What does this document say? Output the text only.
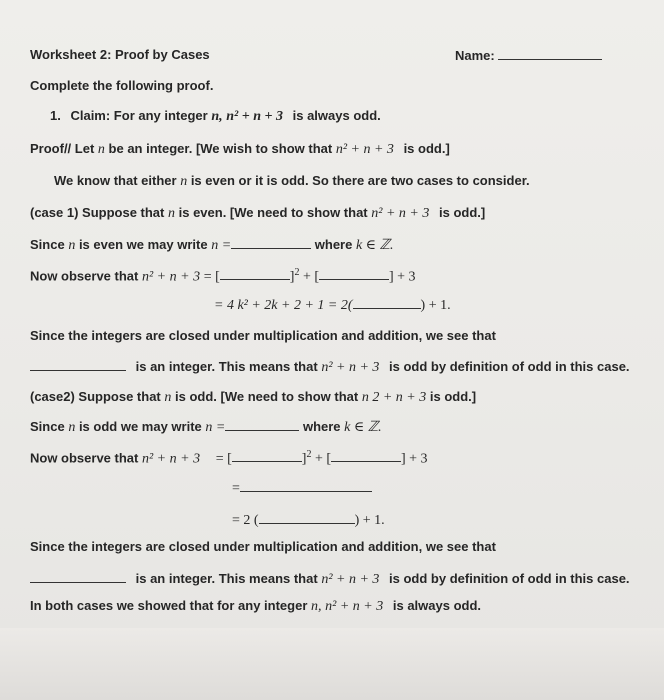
Worksheet 2: Proof by Cases	Name:
Complete the following proof.
1. Claim: For any integer n, n² + n + 3 is always odd.
Proof// Let n be an integer. [We wish to show that n² + n + 3 is odd.]
We know that either n is even or it is odd. So there are two cases to consider.
(case 1) Suppose that n is even. [We need to show that n² + n + 3 is odd.]
Since n is even we may write n =	where k ∈ ℤ.
Now observe that n² + n + 3 = [	]$^2$ + [	] + 3
= 4 k² + 2k + 2 + 1 = 2(	) + 1.
Since the integers are closed under multiplication and addition, we see that
is an integer. This means that n² + n + 3 is odd by definition of odd in this case.
(case2) Suppose that n is odd. [We need to show that n 2 + n + 3 is odd.]
Since n is odd we may write n =	where k ∈ ℤ.
Now observe that n² + n + 3 = [	]$^2$ + [	] + 3
=
= 2 (	) + 1.
Since the integers are closed under multiplication and addition, we see that
is an integer. This means that n² + n + 3 is odd by definition of odd in this case.
In both cases we showed that for any integer n, n² + n + 3 is always odd.
